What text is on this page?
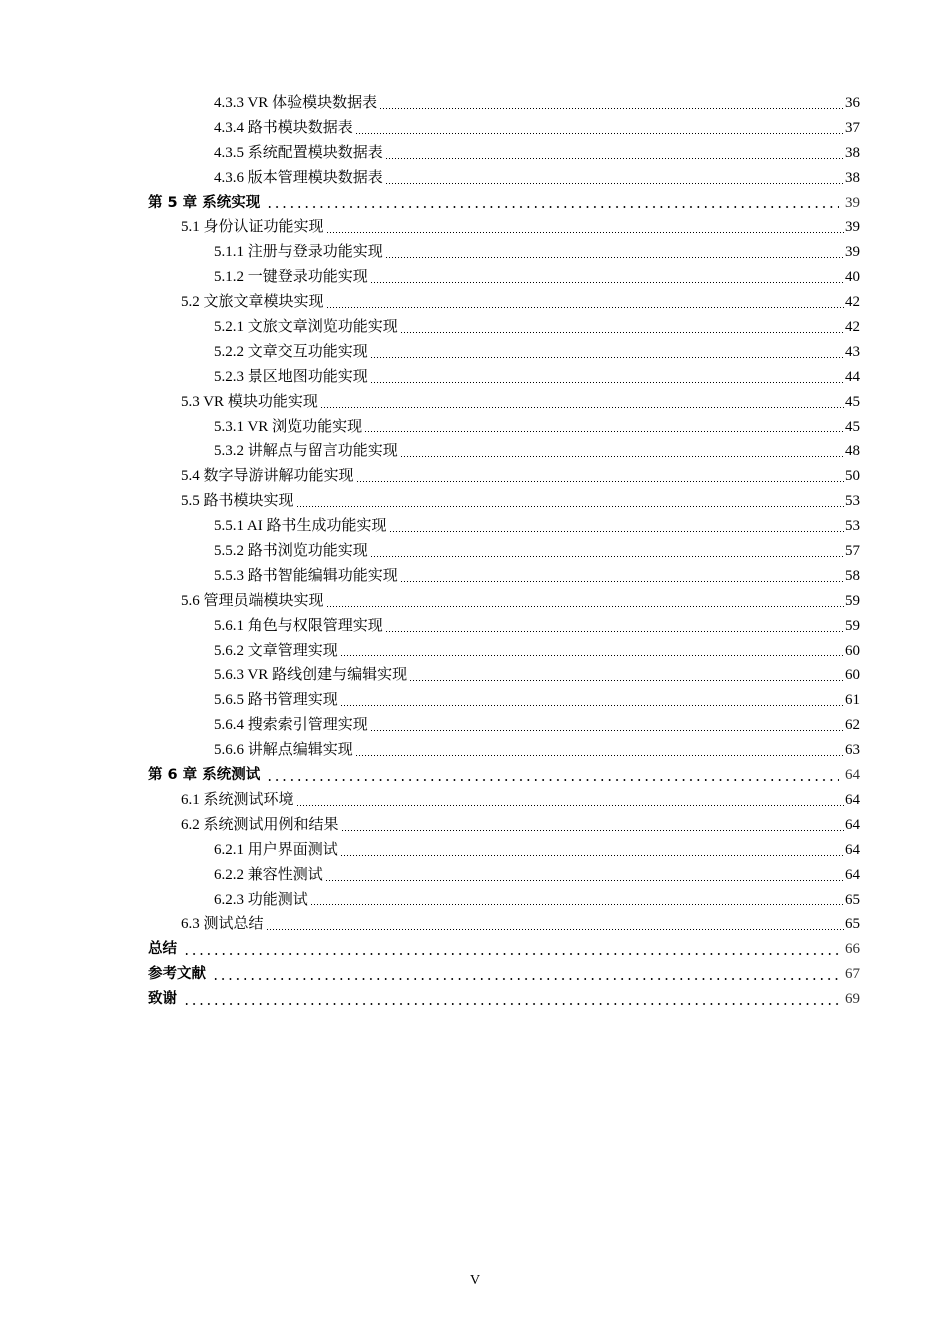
4.3.3 VR 体验模块数据表	36
4.3.4 路书模块数据表	37
4.3.5 系统配置模块数据表	38
4.3.6 版本管理模块数据表	38
第 5 章 系统实现	39
5.1 身份认证功能实现	39
5.1.1 注册与登录功能实现	39
5.1.2 一键登录功能实现	40
5.2 文旅文章模块实现	42
5.2.1 文旅文章浏览功能实现	42
5.2.2 文章交互功能实现	43
5.2.3 景区地图功能实现	44
5.3 VR 模块功能实现	45
5.3.1 VR 浏览功能实现	45
5.3.2 讲解点与留言功能实现	48
5.4 数字导游讲解功能实现	50
5.5 路书模块实现	53
5.5.1 AI 路书生成功能实现	53
5.5.2 路书浏览功能实现	57
5.5.3 路书智能编辑功能实现	58
5.6 管理员端模块实现	59
5.6.1 角色与权限管理实现	59
5.6.2 文章管理实现	60
5.6.3 VR 路线创建与编辑实现	60
5.6.5 路书管理实现	61
5.6.4 搜索索引管理实现	62
5.6.6 讲解点编辑实现	63
第 6 章 系统测试	64
6.1 系统测试环境	64
6.2 系统测试用例和结果	64
6.2.1 用户界面测试	64
6.2.2 兼容性测试	64
6.2.3 功能测试	65
6.3 测试总结	65
总结	66
参考文献	67
致谢	69
V
